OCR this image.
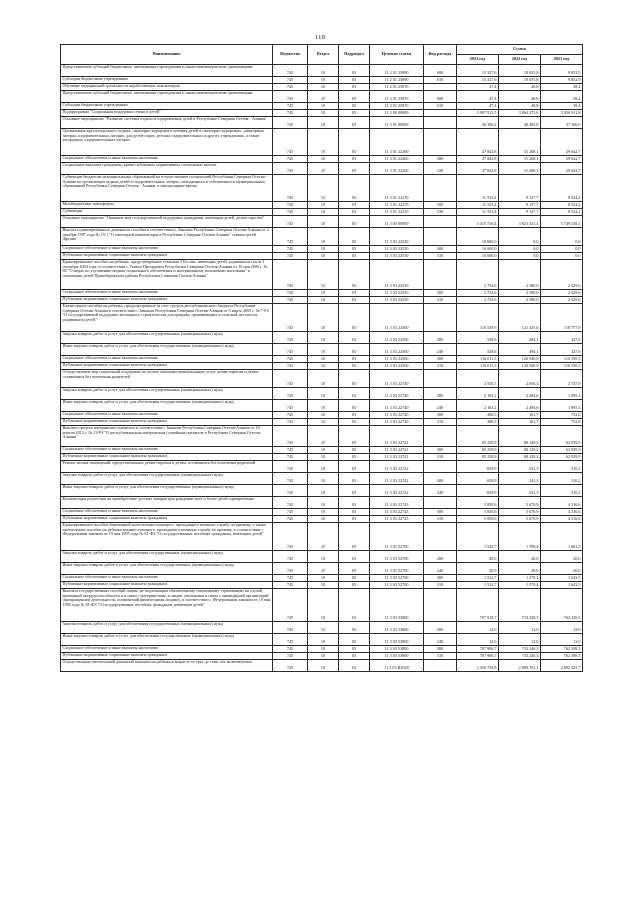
118
Наименование	Ведомство	Раздел	Подраздел	Целевая статья	Вид расхода	Сумма		
						2021 год	2022 год	2023 год
Предоставление субсидий бюджетным, автономным учреждениям и иным некоммерческим организациям	745	10	03	11 2 01 25890	600	15 327,6	10 655,8	9 852,9
Субсидии бюджетным учреждениям	745	10	03	11 2 01 25890	610	15 327,6	10 655,8	9 852,9
Обучение медицинской грамотности неработающих пенсионеров	745	10	03	11 2 01 25870		47,4	40,8	38,4
Предоставление субсидий бюджетным, автономным учреждениям и иным некоммерческим организациям	745	10	03	11 2 01 25870	600	47,4	40,8	38,4
Субсидии бюджетным учреждениям	745	10	03	11 2 01 25870	610	47,4	40,8	38,4
Подпрограмма "Социальная поддержка семьи и детей"	745	10	03	11 3 00 00000		3 907 915,5	3 864 275,6	3 856 911,8
Основное мероприятие "Развитие системы отдыха и оздоровления детей в Республике Северная Осетия - Алания"	745	10	03	11 3 01 00000		56 396,2	40 405,8	37 166,9
Организация круглогодичного отдыха, санаторно-курортного лечения детей в санаторно-курортных, санаторных лагерях, оздоровительных лагерях, для детей-сирот, детских оздоровительных и других учреждениях, а также загородных оздоровительных лагерях	745	10	03	11 3 01 22260		47 842,8	31 268,1	29 642,7
Социальное обеспечение и иные выплаты населению	745	10	03	11 3 01 22260	300	47 842,8	31 268,1	29 642,7
Социальные выплаты гражданам, кроме публичных нормативных социальных выплат	745	10	03	11 3 01 22260	320	47 842,8	31 268,1	29 642,7
Субвенции бюджетам муниципальных образований на осуществление полномочий Республики Северная Осетия - Алания по организации отдыха детей в оздоровительных лагерях, находящихся в собственности муниципальных образований Республики Северная Осетия - Алания, в каникулярное время	745	10	03	11 3 01 22270		11 553,4	9 137,7	8 524,2
Межбюджетные трансферты	745	10	03	11 3 01 22270	500	11 553,4	9 137,7	8 524,2
Субвенции	745	10	03	11 3 01 22270	530	11 553,4	9 137,7	8 524,2
Основное мероприятие "Оказание мер государственной поддержки гражданам, имеющим детей, детям-сиротам"	745	10	03	11 3 03 00000		3 415 716,4	3 823 521,4	3 749 338,1
Выплата единовременного денежного пособия в соответствии с Законом Республики Северная Осетия-Алания от 2 декабря 1997 года № 15-1 "О ежегодной компенсации в Республике Северная Осетия-Алания" семьям детей Афгана"	745	10	03	11 3 03 22530		16 600,0	0,0	0,0
Социальное обеспечение и иные выплаты населению	745	10	03	11 3 03 22530	300	16 600,0	0,0	0,0
Публичные нормативные социальные выплаты гражданам	745	10	03	11 3 03 22530	310	16 600,0	0,0	0,0
Единовременное пособие на ребенка, предусмотренное статьями 3 Беслан, имеющим детей, родившихся после 1 сентября 2004 года, в соответствии с Указом Президента Республики Северная Осетия-Алания от 16 мая 2006 г. № 80 "О мерах по улучшению медико-социального обеспечения и материальному положению населения" в отношении детей Правобережного района Республики Северная Осетия-Алания"	745	10	03	11 3 03 22550		2 754,6	2 580,0	2 429,6
Социальное обеспечение и иные выплаты населению	745	10	03	11 3 03 22550	300	2 754,6	2 580,0	2 429,6
Публичные нормативные социальные выплаты гражданам	745	10	03	11 3 03 22550	310	2 754,6	2 580,0	2 429,6
Ежемесячное пособие на ребенка, предусмотренное за счет средств республиканского бюджета Республики Северная Осетия-Алания в соответствии с Законом Республики Северная Осетия-Алания от 3 марта 2005 г. № 7-РЗ "О государственной поддержке жилищного строительства для граждан, проживающих в сельской местности, родившихся детей"	745	10	03	11 3 03 22560		116 539,9	121 435,0	110 777,9
Закупка товаров, работ и услуг для обеспечения государственных (муниципальных) нужд	745	10	03	11 3 03 22560	200	528,6	494,1	427,6
Иные закупки товаров, работ и услуг для обеспечения государственных (муниципальных) нужд	745	10	03	11 3 03 22560	240	528,6	494,1	427,6
Социальное обеспечение и иные выплаты населению	745	10	03	11 3 03 22560	300	116 011,3	120 940,9	110 350,3
Публичные нормативные социальные выплаты гражданам	745	10	03	11 3 03 22560	310	116 011,3	120 940,9	110 350,3
Осуществление мер социальной поддержки по оплате жилищно-коммунальных услуг детям-сиротам и детям, оставшимся без попечения родителей	745	10	03	11 3 03 22740		2 550,7	2 656,3	2 747,9
Закупка товаров, работ и услуг для обеспечения государственных (муниципальных) нужд	745	10	03	11 3 03 22740	200	2 163,2	2 494,6	1 995,3
Иные закупки товаров, работ и услуг для обеспечения государственных (муниципальных) нужд	745	10	03	11 3 03 22740	240	2 163,2	2 494,6	1 995,3
Социальное обеспечение и иные выплаты населению	745	10	03	11 3 03 22740	300	386,5	161,7	752,6
Публичные нормативные социальные выплаты гражданам	745	10	03	11 3 03 22740	310	386,5	161,7	752,6
Выплата средств материнского капитала в соответствии с Законом Республики Северная Осетия-Алания от 16 апреля 2012 г. № 12-РЗ "О республиканском материнском (семейном) капитале в Республике Северная Осетия-Алания"	745	10	03	11 3 03 22741		85 250,9	68 120,2	62 939,9
Социальное обеспечение и иные выплаты населению	745	10	03	11 3 03 22741	300	85 250,9	68 120,2	62 939,9
Публичные нормативные социальные выплаты гражданам	745	10	03	11 3 03 22741	310	85 250,9	68 120,2	62 939,9
Ремонт жилых помещений, предоставленных детям-сиротам и детям, оставшимся без попечения родителей	745	10	03	11 3 03 22742		659,9	541,3	510,2
Закупка товаров, работ и услуг для обеспечения государственных (муниципальных) нужд	745	10	03	11 3 03 22742	200	659,9	541,3	510,2
Иные закупки товаров, работ и услуг для обеспечения государственных (муниципальных) нужд	745	10	03	11 3 03 22742	240	659,9	541,3	510,2
Компенсация родителям на приобретение детских товаров при рождении трех и более детей одновременно	745	10	03	11 3 03 22743		5 850,6	5 670,9	4 316,6
Социальное обеспечение и иные выплаты населению	745	10	03	11 3 03 22743	300	5 850,6	5 670,9	4 316,6
Публичные нормативные социальные выплаты гражданам	745	10	03	11 3 03 22743	310	5 850,6	5 670,9	4 316,6
Единовременное пособие беременной жене военнослужащего, проходящего военную службу по призыву, а также ежемесячное пособие на ребенка военнослужащего, проходящего военную службу по призыву, в соответствии с Федеральным законом от 19 мая 1995 года № 81-ФЗ "О государственных пособиях гражданам, имеющим детей"	745	10	03	11 3 03 52700		1 542,7	1 599,4	1 663,5
Закупка товаров, работ и услуг для обеспечения государственных (муниципальных) нужд	745	10	03	11 3 03 52700	200	20,0	20,0	20,0
Иные закупки товаров, работ и услуг для обеспечения государственных (муниципальных) нужд	745	10	03	11 3 03 52700	240	20,0	20,0	20,0
Социальное обеспечение и иные выплаты населению	745	10	03	11 3 03 52700	300	1 522,7	1 579,4	1 643,5
Публичные нормативные социальные выплаты гражданам	745	10	03	11 3 03 52700	310	1 522,7	1 579,4	1 643,5
Выплата государственных пособий лицам, не подлежащим обязательному социальному страхованию на случай временной нетрудоспособности и в связи с материнством, и лицам, уволенным в связи с ликвидацией организаций (прекращением деятельности, полномочий физическими лицами), в соответствии с Федеральным законом от 19 мая 1995 года № 81-ФЗ "О государственных пособиях гражданам, имеющим детей"	745	10	03	11 3 03 53800		707 918,7	733 258,3	762 410,3
Закупка товаров, работ и услуг для обеспечения государственных (муниципальных) нужд	745	10	03	11 3 03 53800	200	12,0	12,0	12,0
Иные закупки товаров, работ и услуг для обеспечения государственных (муниципальных) нужд	745	10	03	11 3 03 53800	240	12,0	12,0	12,0
Социальное обеспечение и иные выплаты населению	745	10	03	11 3 03 53800	300	707 906,7	733 246,3	762 398,3
Публичные нормативные социальные выплаты гражданам	745	10	03	11 3 03 53800	310	707 906,7	733 246,3	762 398,3
Осуществление ежемесячной денежной выплаты на ребенка в возрасте от трех до семи лет включительно	745	10	03	11 3 03 R3020		2 450 758,8	2 889 701,1	2 802 425,7
